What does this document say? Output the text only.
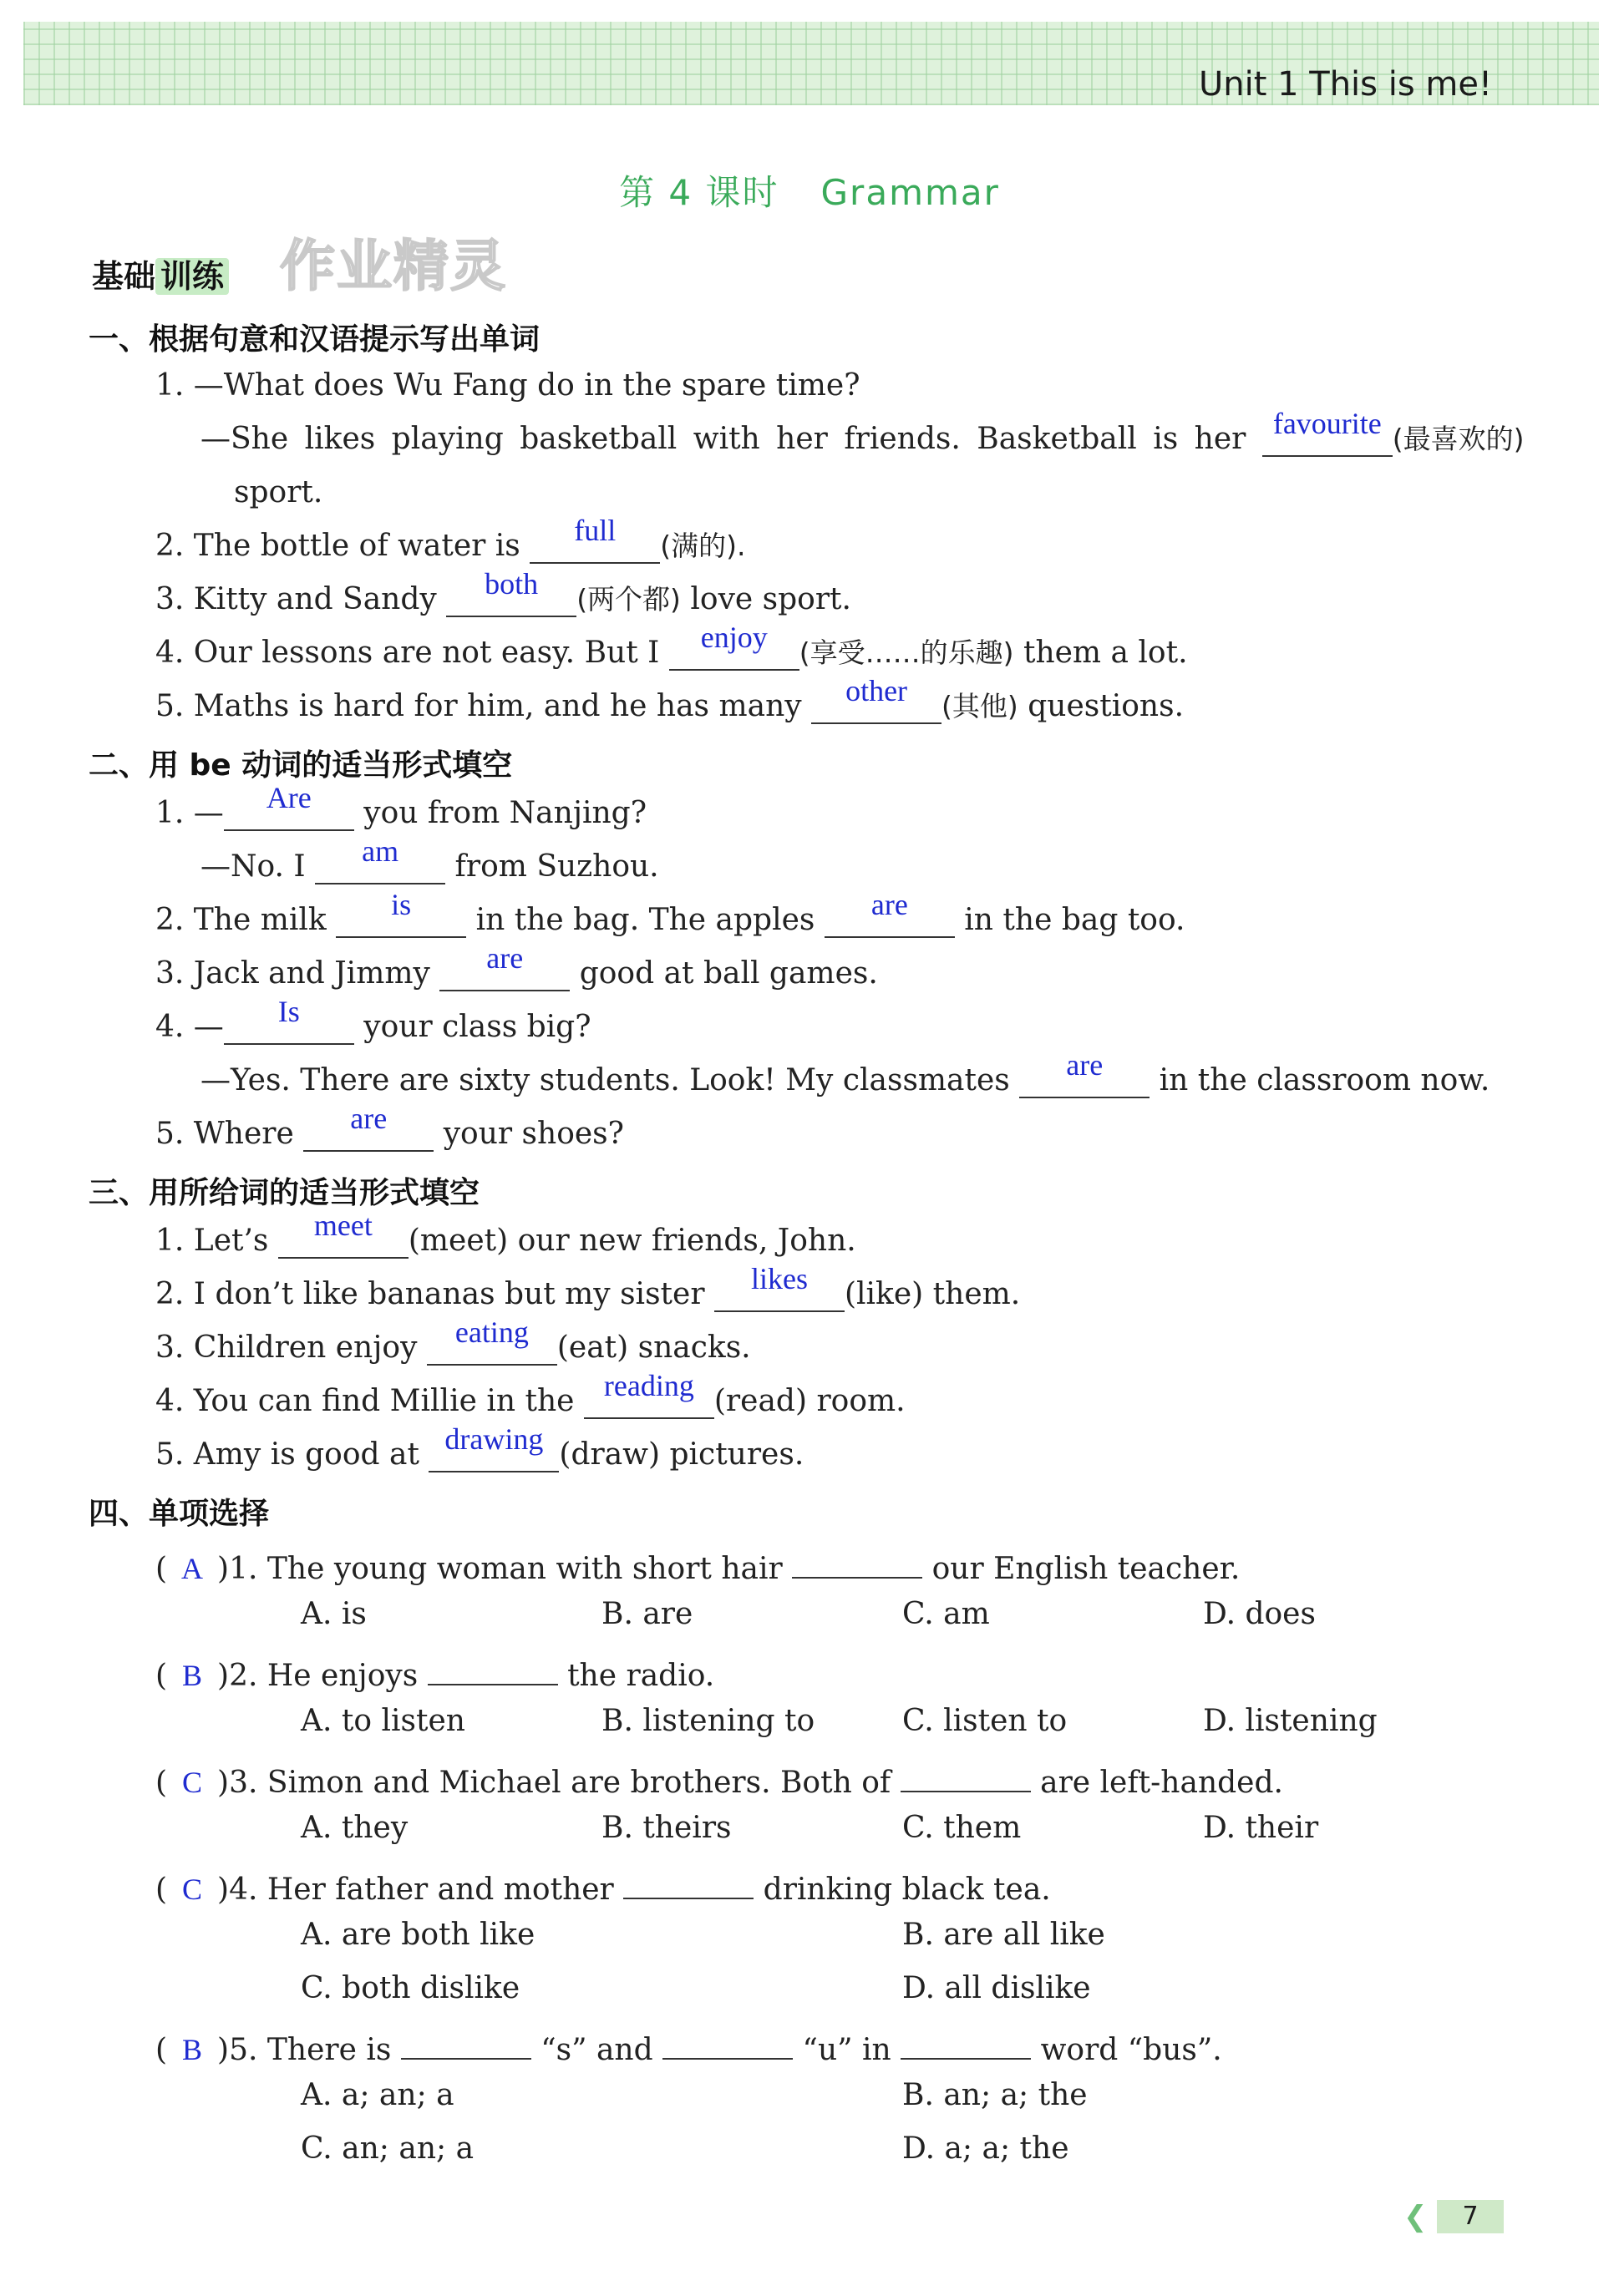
Unit 1 This is me!
第 4 课时 Grammar
基础 训练 作业精灵
一、根据句意和汉语提示写出单词
1. —What does Wu Fang do in the spare time?
—She likes playing basketball with her friends. Basketball is her favourite (最喜欢的)
sport.
2. The bottle of water is full (满的).
3. Kitty and Sandy both (两个都) love sport.
4. Our lessons are not easy. But I enjoy (享受……的乐趣) them a lot.
5. Maths is hard for him, and he has many other (其他) questions.
二、用 be 动词的适当形式填空
1. — Are you from Nanjing?
—No. I am from Suzhou.
2. The milk is in the bag. The apples are in the bag too.
3. Jack and Jimmy are good at ball games.
4. — Is your class big?
—Yes. There are sixty students. Look! My classmates are in the classroom now.
5. Where are your shoes?
三、用所给词的适当形式填空
1. Let’s meet (meet) our new friends, John.
2. I don’t like bananas but my sister likes (like) them.
3. Children enjoy eating (eat) snacks.
4. You can find Millie in the reading (read) room.
5. Amy is good at drawing (draw) pictures.
四、单项选择
( A )1. The young woman with short hair	our English teacher.
A. is	B. are	C. am	D. does
( B )2. He enjoys	the radio.
A. to listen	B. listening to	C. listen to	D. listening
( C )3. Simon and Michael are brothers. Both of	are left-handed.
A. they	B. theirs	C. them	D. their
( C )4. Her father and mother	drinking black tea.
A. are both like	B. are all like
C. both dislike	D. all dislike
( B )5. There is	“s” and	“u” in	word “bus”.
A. a; an; a	B. an; a; the
C. an; an; a	D. a; a; the
❮	7
